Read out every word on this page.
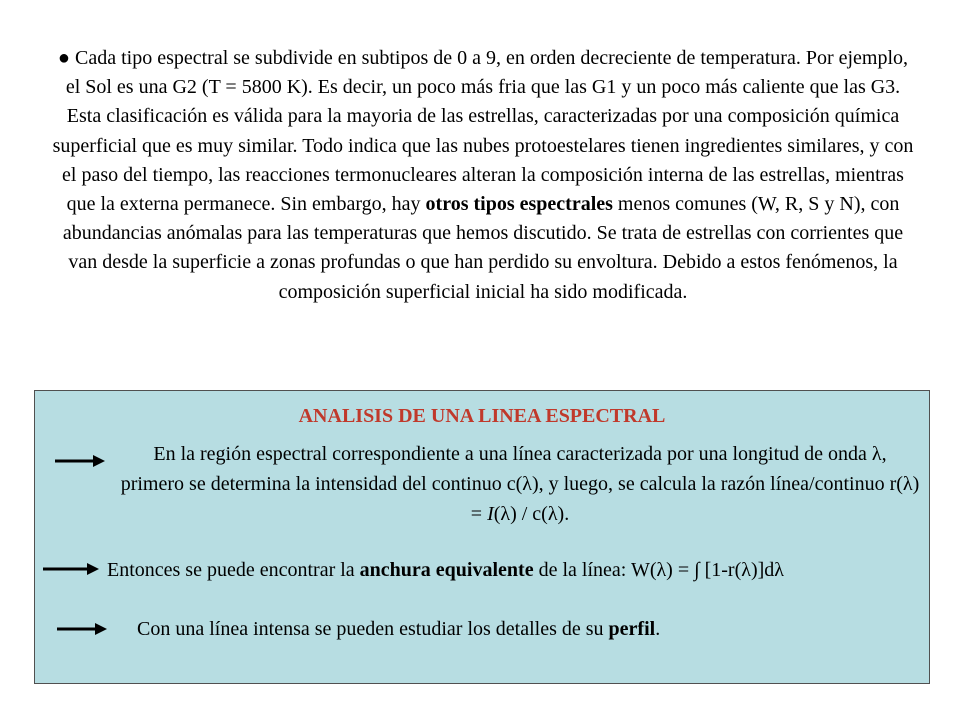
● Cada tipo espectral se subdivide en subtipos de 0 a 9, en orden decreciente de temperatura. Por ejemplo, el Sol es una G2 (T = 5800 K). Es decir, un poco más fria que las G1 y un poco más caliente que las G3. Esta clasificación es válida para la mayoria de las estrellas, caracterizadas por una composición química superficial que es muy similar. Todo indica que las nubes protoestelares tienen ingredientes similares, y con el paso del tiempo, las reacciones termonucleares alteran la composición interna de las estrellas, mientras que la externa permanece. Sin embargo, hay otros tipos espectrales menos comunes (W, R, S y N), con abundancias anómalas para las temperaturas que hemos discutido. Se trata de estrellas con corrientes que van desde la superficie a zonas profundas o que han perdido su envoltura. Debido a estos fenómenos, la composición superficial inicial ha sido modificada.
ANALISIS DE UNA LINEA ESPECTRAL
En la región espectral correspondiente a una línea caracterizada por una longitud de onda λ, primero se determina la intensidad del continuo c(λ), y luego, se calcula la razón línea/continuo r(λ) = I(λ) / c(λ).
Entonces se puede encontrar la anchura equivalente de la línea: W(λ) = ∫ [1-r(λ)]dλ
Con una línea intensa se pueden estudiar los detalles de su perfil.
